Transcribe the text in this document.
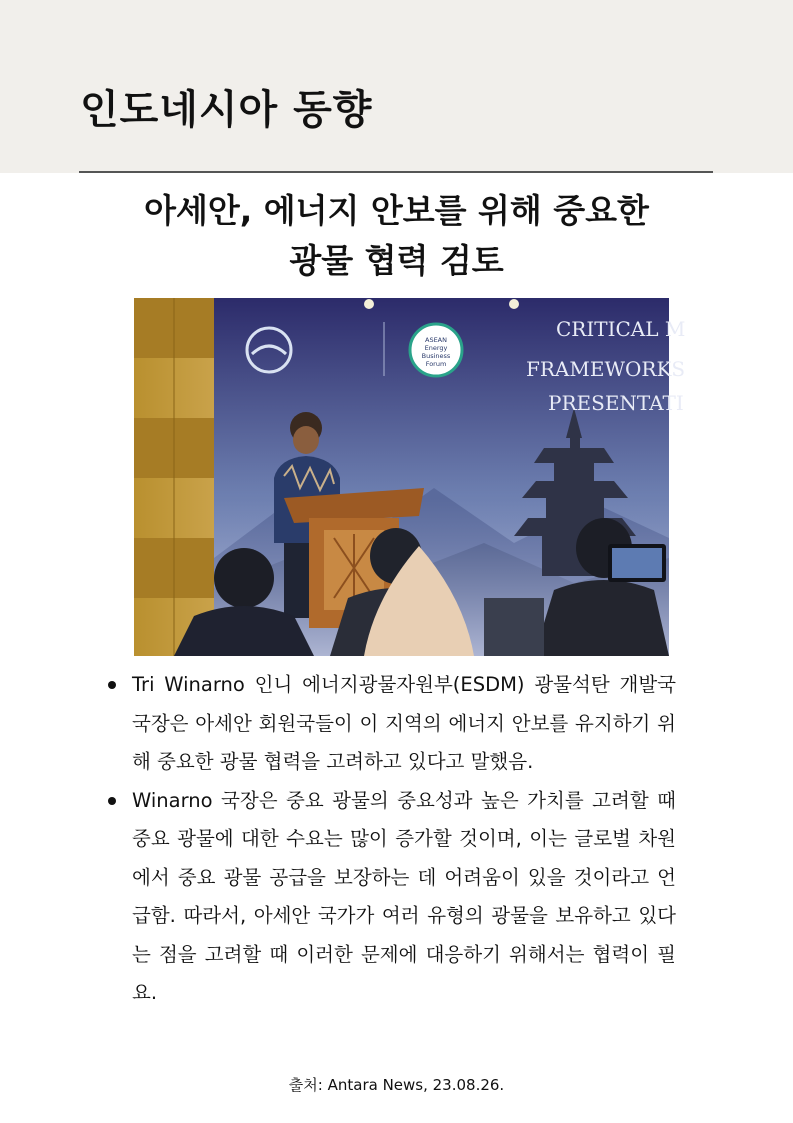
인도네시아 동향
아세안, 에너지 안보를 위해 중요한
광물 협력 검토
ASEAN
Energy
Business
Forum
CRITICAL M
FRAMEWORKS
PRESENTATI
Tri Winarno 인니 에너지광물자원부(ESDM) 광물석탄 개발국 국장은 아세안 회원국들이 이 지역의 에너지 안보를 유지하기 위해 중요한 광물 협력을 고려하고 있다고 말했음.
Winarno 국장은 중요 광물의 중요성과 높은 가치를 고려할 때 중요 광물에 대한 수요는 많이 증가할 것이며, 이는 글로벌 차원에서 중요 광물 공급을 보장하는 데 어려움이 있을 것이라고 언급함. 따라서, 아세안 국가가 여러 유형의 광물을 보유하고 있다는 점을 고려할 때 이러한 문제에 대응하기 위해서는 협력이 필요.
출처: Antara News, 23.08.26.
